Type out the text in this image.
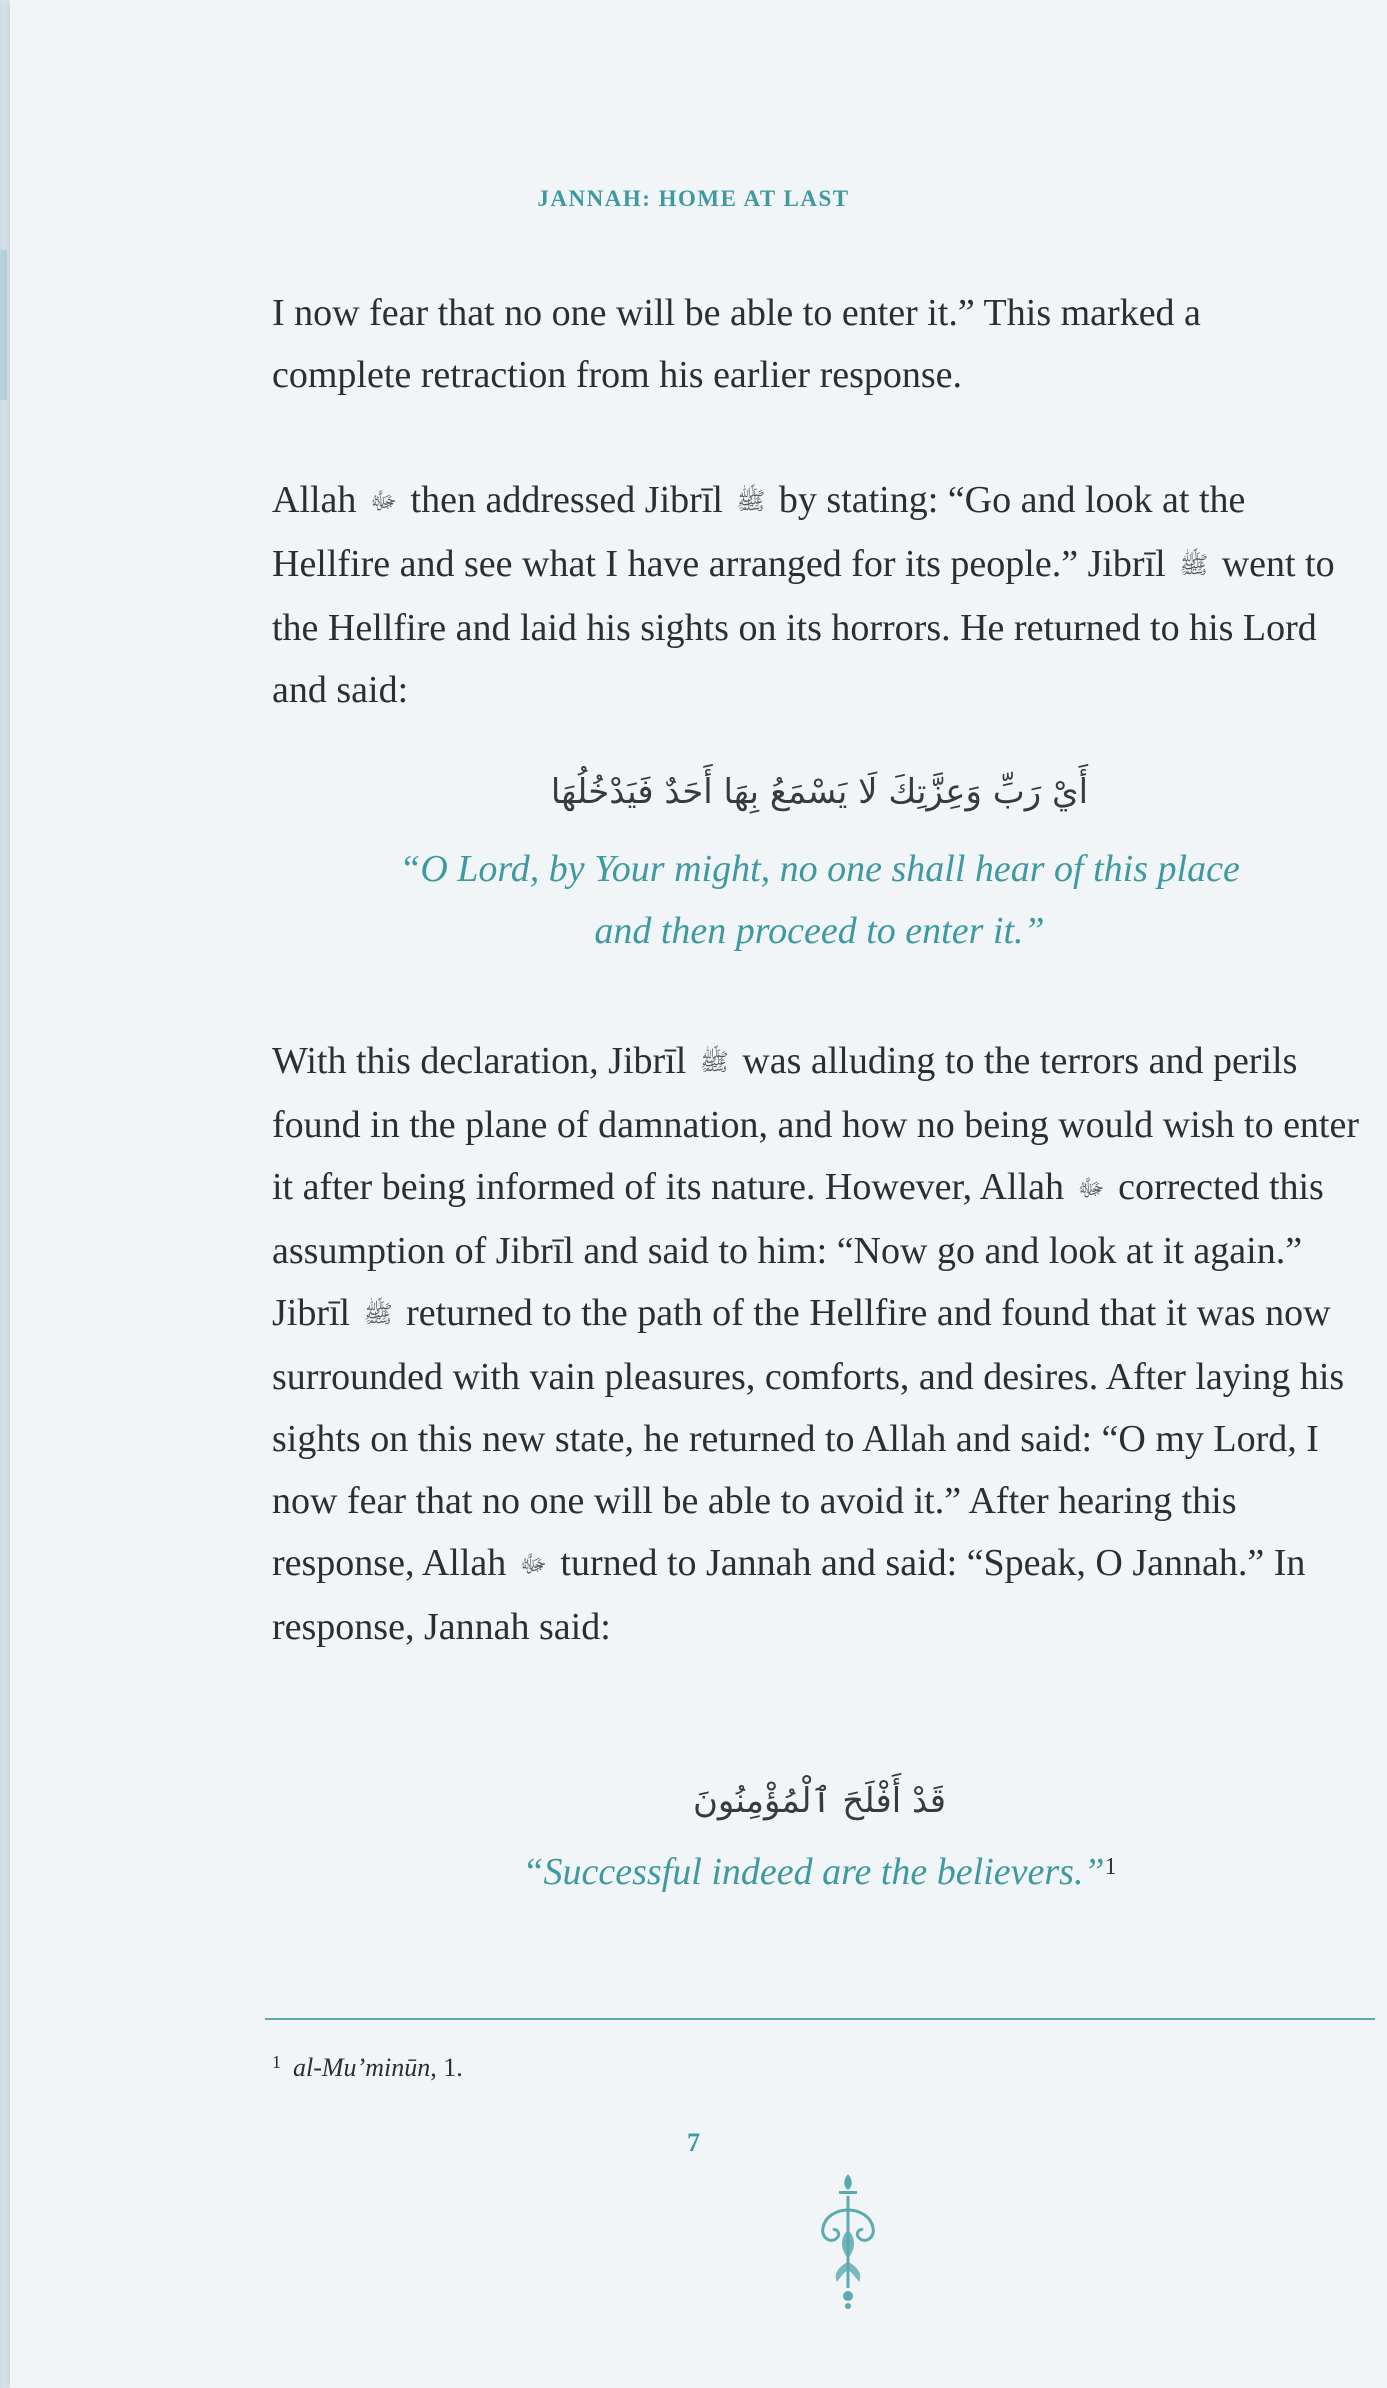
JANNAH: HOME AT LAST

I now fear that no one will be able to enter it.” This marked a
complete retraction from his earlier response.

Allah ﷻ then addressed Jibrīl ﷺ by stating: “Go and look at the Hellfire and see what I have arranged for its people.” Jibrīl ﷺ went to the Hellfire and laid his sights on its horrors. He returned to his Lord and said:

أَيْ رَبِّ وَعِزَّتِكَ لَا يَسْمَعُ بِهَا أَحَدٌ فَيَدْخُلُهَا
“O Lord, by Your might, no one shall hear of this place
and then proceed to enter it.”

With this declaration, Jibrīl ﷺ was alluding to the terrors and perils found in the plane of damnation, and how no being would wish to enter it after being informed of its nature. However, Allah ﷻ corrected this assumption of Jibrīl and said to him: “Now go and look at it again.” Jibrīl ﷺ returned to the path of the Hellfire and found that it was now surrounded with vain pleasures, comforts, and desires. After laying his sights on this new state, he returned to Allah and said: “O my Lord, I now fear that no one will be able to avoid it.” After hearing this response, Allah ﷻ turned to Jannah and said: “Speak, O Jannah.” In response, Jannah said:

قَدْ أَفْلَحَ ٱلْمُؤْمِنُونَ
“Successful indeed are the believers.”$^1$
$^1$ al-Mu’minūn, 1.
7
